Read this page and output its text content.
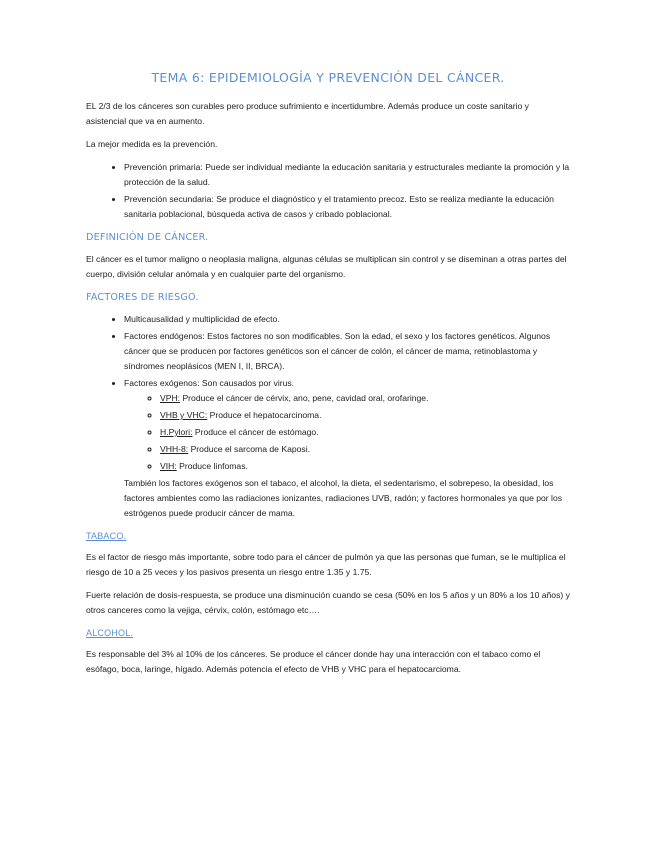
TEMA 6: EPIDEMIOLOGÍA Y PREVENCIÓN DEL CÁNCER.

EL 2/3 de los cánceres son curables pero produce sufrimiento e incertidumbre. Además produce un coste sanitario y asistencial que va en aumento.

La mejor medida es la prevención.

• Prevención primaria: Puede ser individual mediante la educación sanitaria y estructurales mediante la promoción y la protección de la salud.
• Prevención secundaria: Se produce el diagnóstico y el tratamiento precoz. Esto se realiza mediante la educación sanitaria poblacional, búsqueda activa de casos y cribado poblacional.
DEFINICIÓN DE CÁNCER.

El cáncer es el tumor maligno o neoplasia maligna, algunas células se multiplican sin control y se diseminan a otras partes del cuerpo, división celular anómala y en cualquier parte del organismo.

FACTORES DE RIESGO.
• Multicausalidad y multiplicidad de efecto.
• Factores endógenos: Estos factores no son modificables. Son la edad, el sexo y los factores genéticos. Algunos cáncer que se producen por factores genéticos son el cáncer de colón, el cáncer de mama, retinoblastoma y síndromes neoplásicos (MEN I, II, BRCA).
• Factores exógenos: Son causados por virus.
◦ VPH: Produce el cáncer de cérvix, ano, pene, cavidad oral, orofaringe.
◦ VHB y VHC: Produce el hepatocarcinoma.
◦ H.Pylori: Produce el cáncer de estómago.
◦ VHH-8: Produce el sarcoma de Kaposi.
◦ VIH: Produce linfomas.
También los factores exógenos son el tabaco, el alcohol, la dieta, el sedentarismo, el sobrepeso, la obesidad, los factores ambientes como las radiaciones ionizantes, radiaciones UVB, radón; y factores hormonales ya que por los estrógenos puede producir cáncer de mama.
TABACO.

Es el factor de riesgo más importante, sobre todo para el cáncer de pulmón ya que las personas que fuman, se le multiplica el riesgo de 10 a 25 veces y los pasivos presenta un riesgo entre 1.35 y 1.75.

Fuerte relación de dosis-respuesta, se produce una disminución cuando se cesa (50% en los 5 años y un 80% a los 10 años) y otros canceres como la vejiga, cérvix, colón, estómago etc….

ALCOHOL.

Es responsable del 3% al 10% de los cánceres. Se produce el cáncer donde hay una interacción con el tabaco como el esófago, boca, laringe, hígado. Además potencia el efecto de VHB y VHC para el hepatocarcioma.
